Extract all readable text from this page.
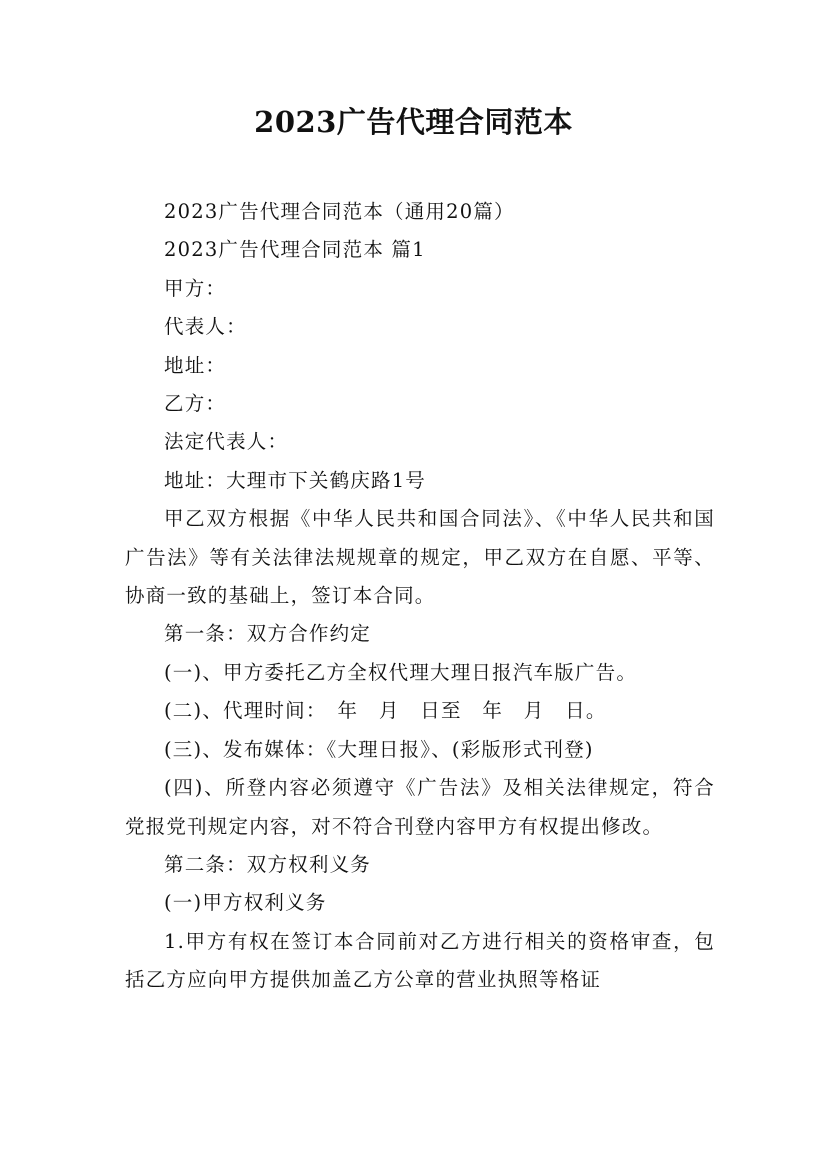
2023广告代理合同范本

2023广告代理合同范本（通用20篇）

2023广告代理合同范本 篇1

甲方：

代表人：

地址：

乙方：

法定代表人：

地址：大理市下关鹤庆路1号

甲乙双方根据《中华人民共和国合同法》、《中华人民共和国广告法》等有关法律法规规章的规定，甲乙双方在自愿、平等、协商一致的基础上，签订本合同。

第一条：双方合作约定

(一)、甲方委托乙方全权代理大理日报汽车版广告。

(二)、代理时间：　年　月　日至　年　月　日。

(三)、发布媒体：《大理日报》、(彩版形式刊登)

(四)、所登内容必须遵守《广告法》及相关法律规定，符合党报党刊规定内容，对不符合刊登内容甲方有权提出修改。

第二条：双方权利义务

(一)甲方权利义务

1.甲方有权在签订本合同前对乙方进行相关的资格审查，包括乙方应向甲方提供加盖乙方公章的营业执照等格证
